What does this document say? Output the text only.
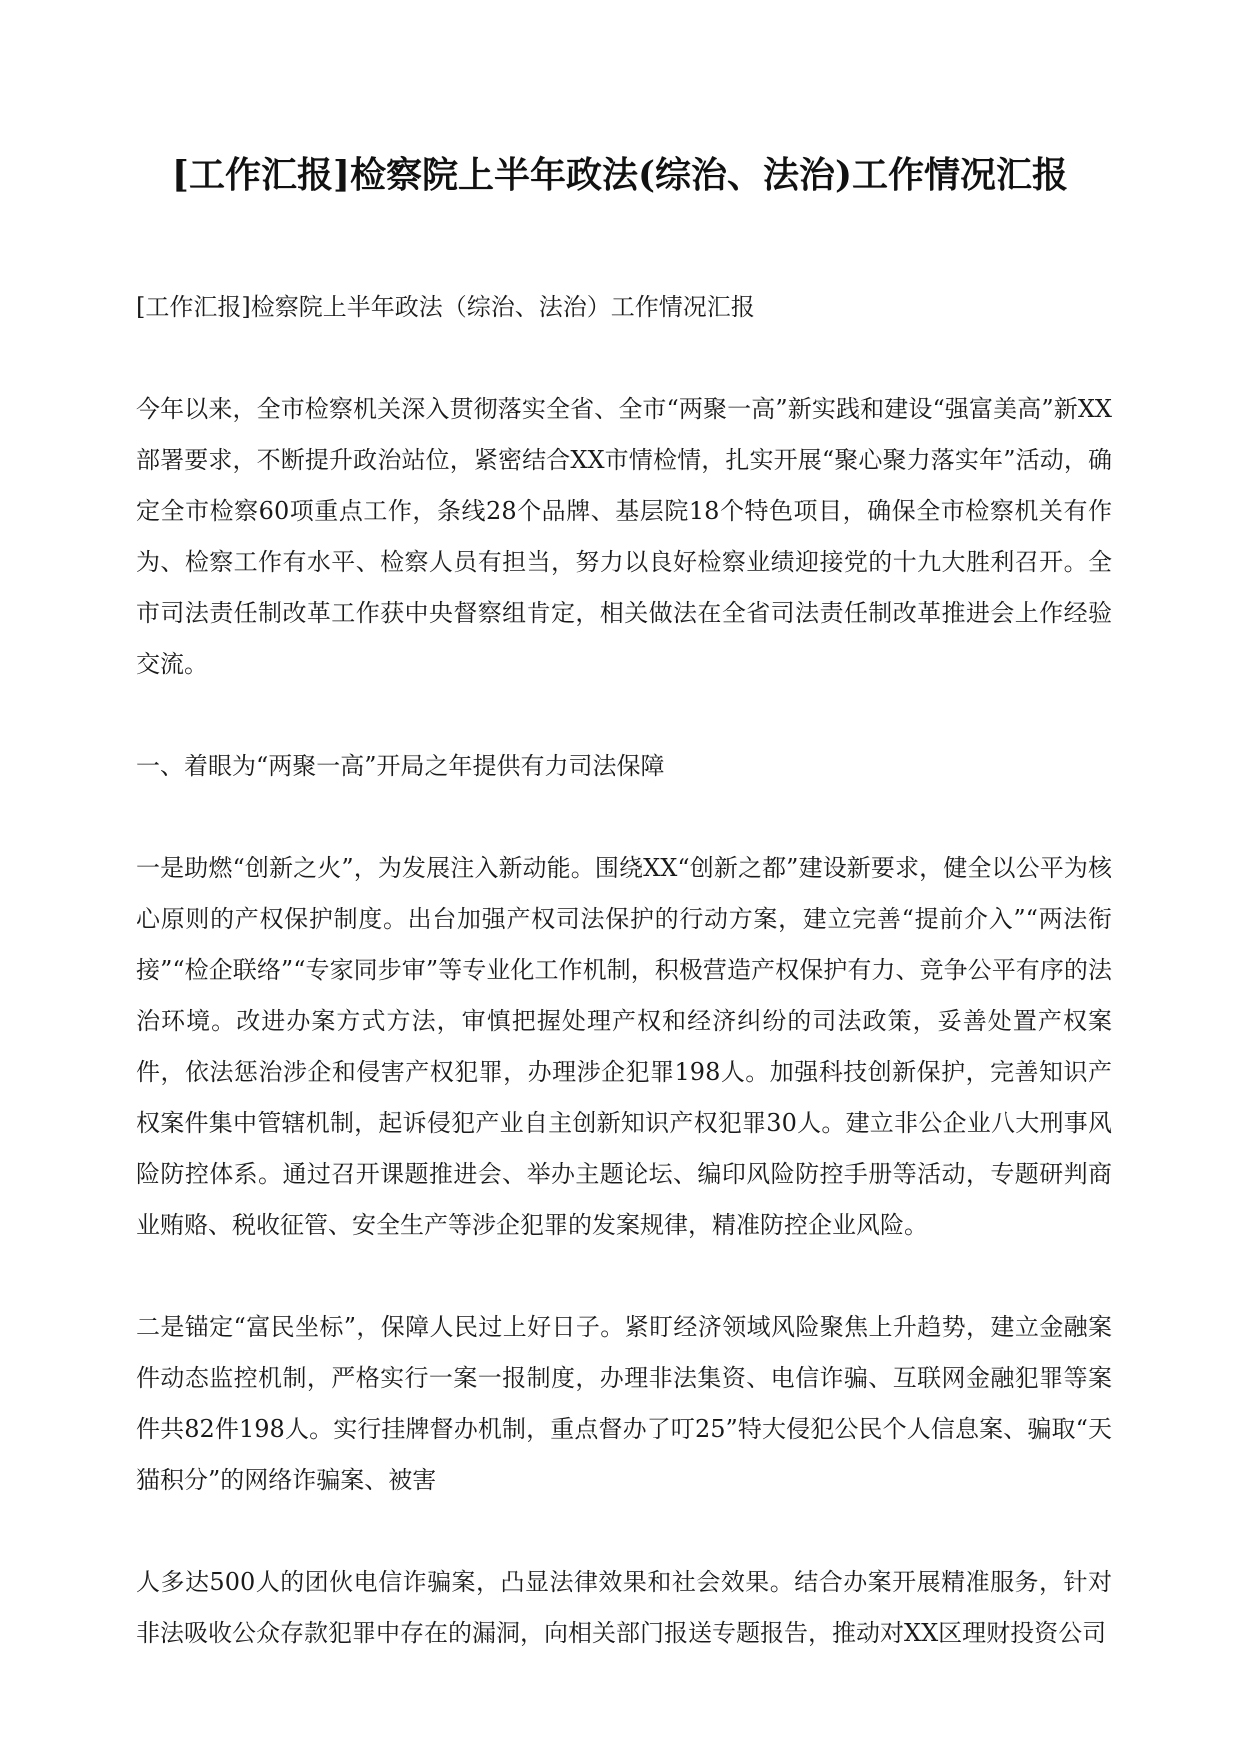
[工作汇报]检察院上半年政法(综治、法治)工作情况汇报

[工作汇报]检察院上半年政法（综治、法治）工作情况汇报

今年以来，全市检察机关深入贯彻落实全省、全市“两聚一高”新实践和建设“强富美高”新XX部署要求，不断提升政治站位，紧密结合XX市情检情，扎实开展“聚心聚力落实年”活动，确定全市检察60项重点工作，条线28个品牌、基层院18个特色项目，确保全市检察机关有作为、检察工作有水平、检察人员有担当，努力以良好检察业绩迎接党的十九大胜利召开。全市司法责任制改革工作获中央督察组肯定，相关做法在全省司法责任制改革推进会上作经验交流。

一、着眼为“两聚一高”开局之年提供有力司法保障

一是助燃“创新之火”，为发展注入新动能。围绕XX“创新之都”建设新要求，健全以公平为核心原则的产权保护制度。出台加强产权司法保护的行动方案，建立完善“提前介入”“两法衔接”“检企联络”“专家同步审”等专业化工作机制，积极营造产权保护有力、竞争公平有序的法治环境。改进办案方式方法，审慎把握处理产权和经济纠纷的司法政策，妥善处置产权案件，依法惩治涉企和侵害产权犯罪，办理涉企犯罪198人。加强科技创新保护，完善知识产权案件集中管辖机制，起诉侵犯产业自主创新知识产权犯罪30人。建立非公企业八大刑事风险防控体系。通过召开课题推进会、举办主题论坛、编印风险防控手册等活动，专题研判商业贿赂、税收征管、安全生产等涉企犯罪的发案规律，精准防控企业风险。

二是锚定“富民坐标”，保障人民过上好日子。紧盯经济领域风险聚焦上升趋势，建立金融案件动态监控机制，严格实行一案一报制度，办理非法集资、电信诈骗、互联网金融犯罪等案件共82件198人。实行挂牌督办机制，重点督办了叮25”特大侵犯公民个人信息案、骗取“天猫积分”的网络诈骗案、被害

人多达500人的团伙电信诈骗案，凸显法律效果和社会效果。结合办案开展精准服务，针对非法吸收公众存款犯罪中存在的漏洞，向相关部门报送专题报告，推动对XX区理财投资公司
